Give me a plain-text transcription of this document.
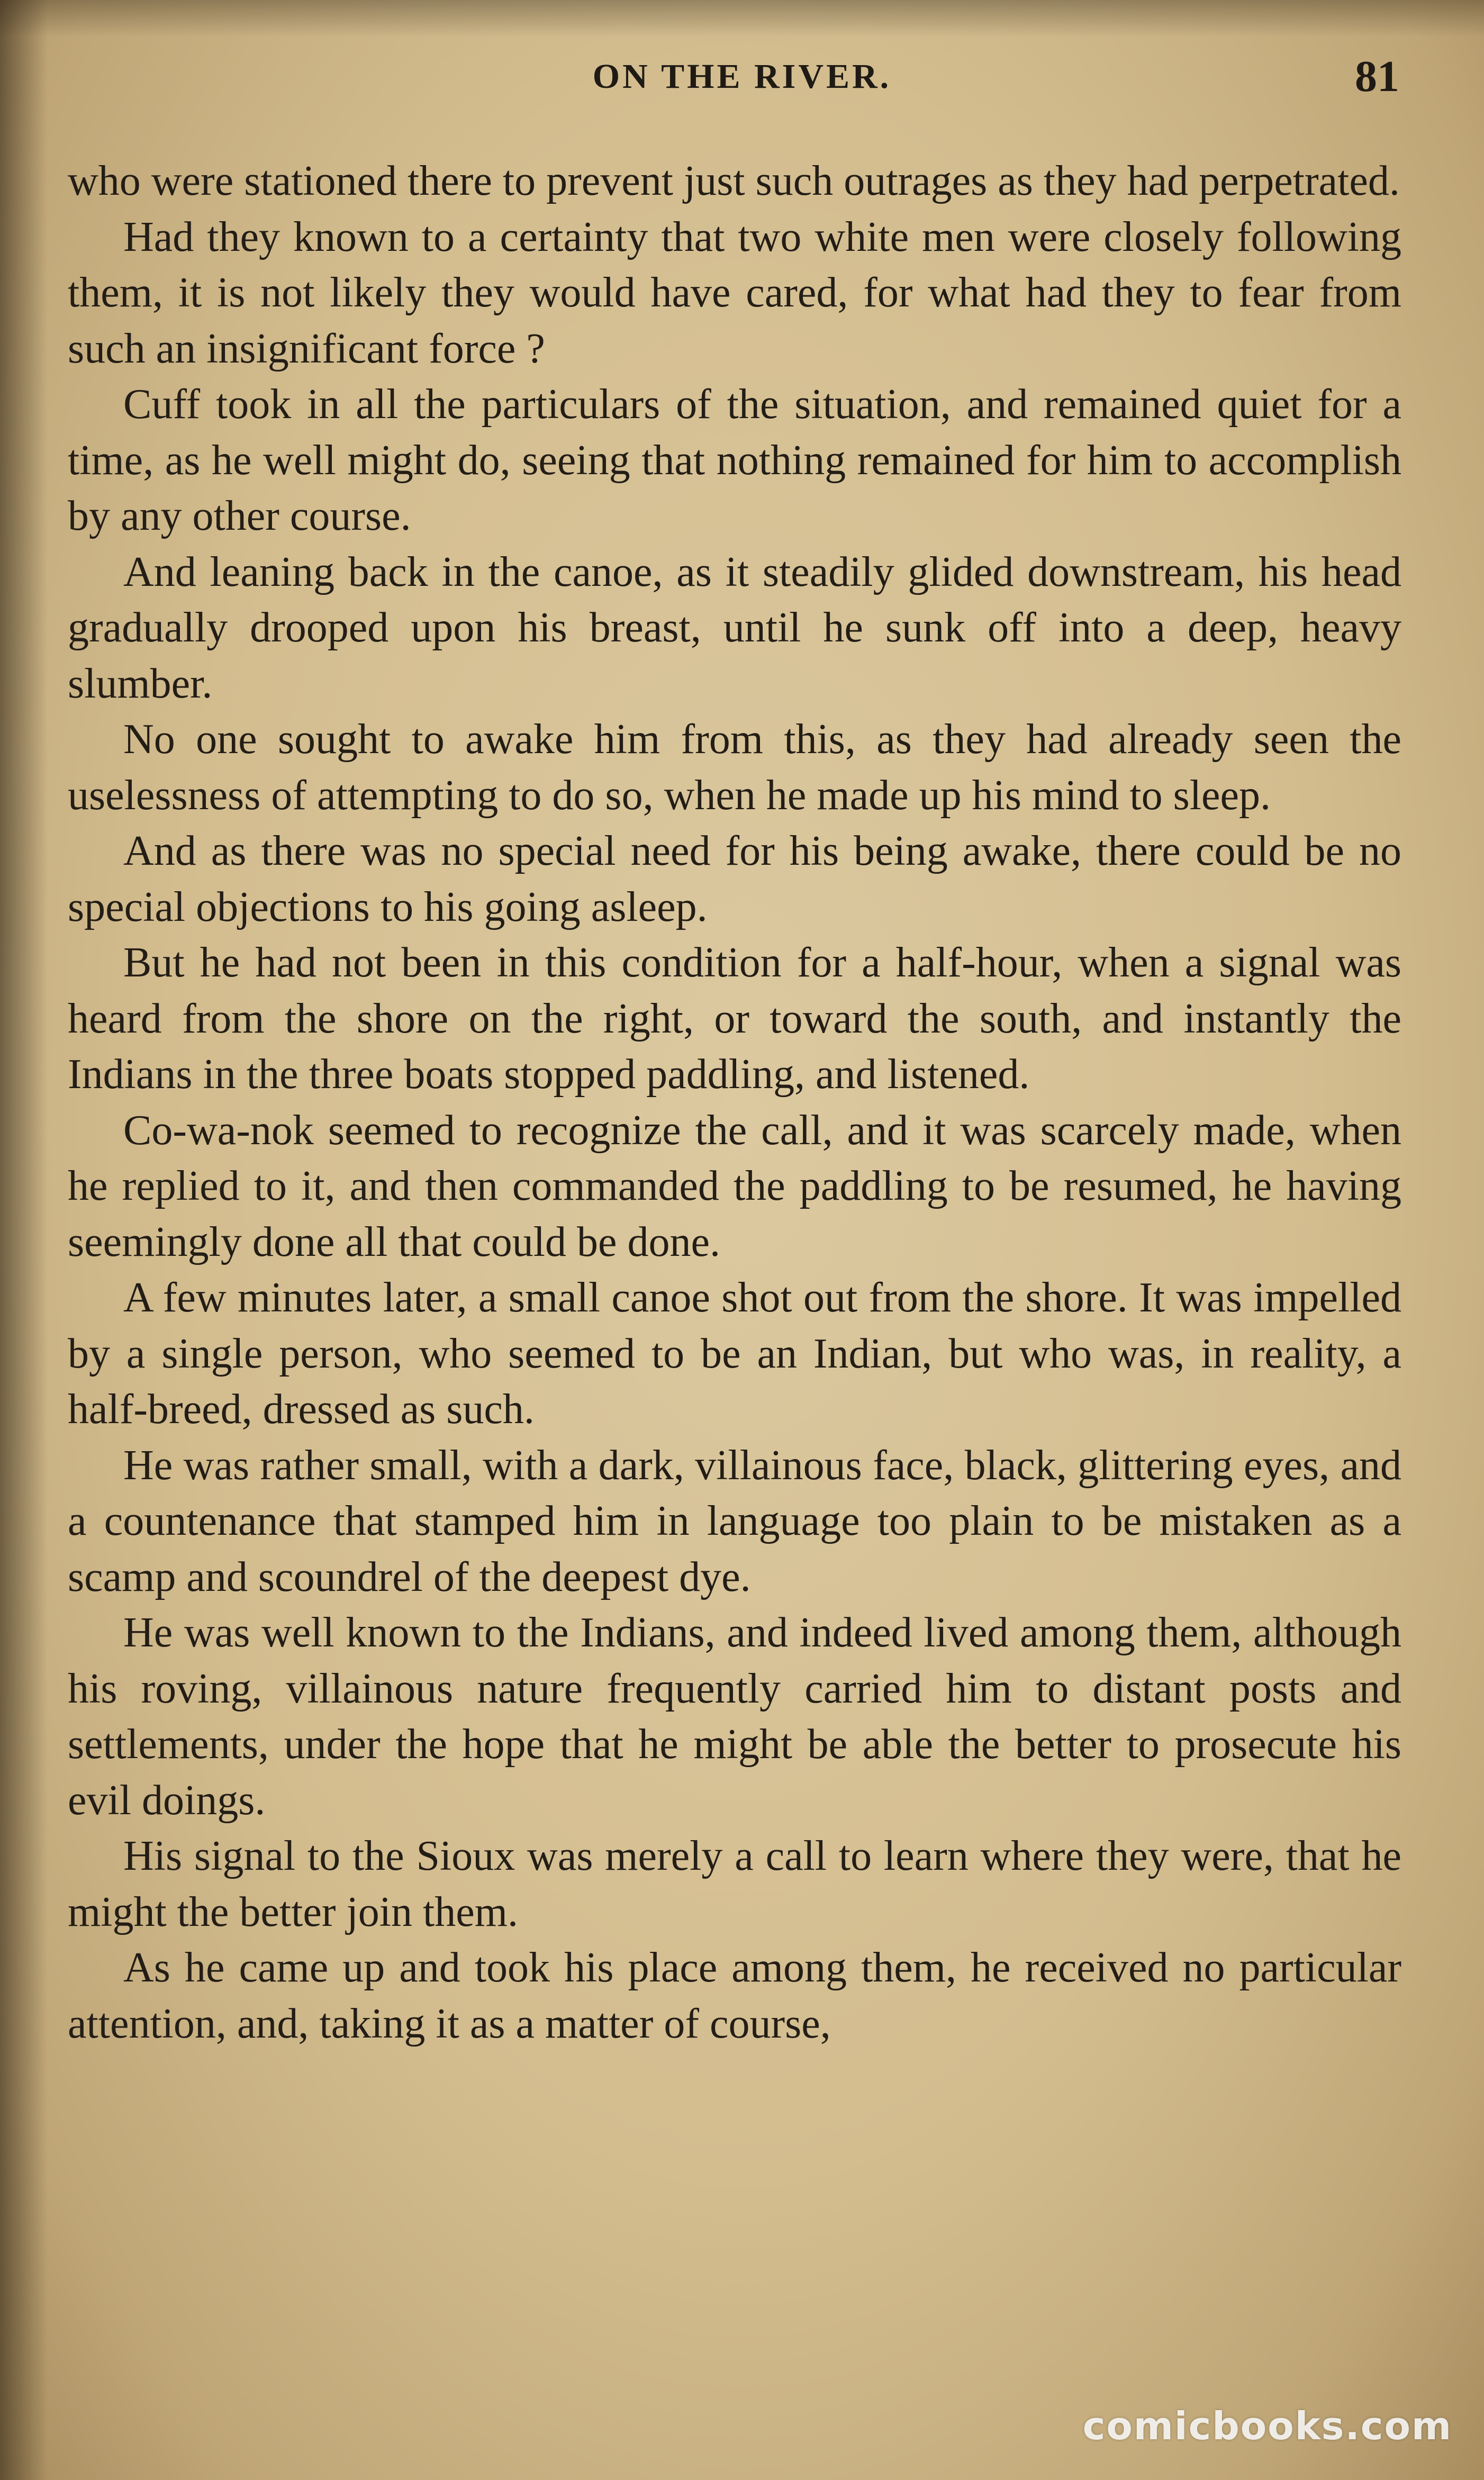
ON THE RIVER.	81

who were stationed there to prevent just such outrages as they had perpetrated.

Had they known to a certainty that two white men were closely following them, it is not likely they would have cared, for what had they to fear from such an insignificant force ?

Cuff took in all the particulars of the situation, and remained quiet for a time, as he well might do, seeing that nothing remained for him to accomplish by any other course.

And leaning back in the canoe, as it steadily glided downstream, his head gradually drooped upon his breast, until he sunk off into a deep, heavy slumber.

No one sought to awake him from this, as they had already seen the uselessness of attempting to do so, when he made up his mind to sleep.

And as there was no special need for his being awake, there could be no special objections to his going asleep.

But he had not been in this condition for a half-hour, when a signal was heard from the shore on the right, or toward the south, and instantly the Indians in the three boats stopped paddling, and listened.

Co-wa-nok seemed to recognize the call, and it was scarcely made, when he replied to it, and then commanded the paddling to be resumed, he having seemingly done all that could be done.

A few minutes later, a small canoe shot out from the shore. It was impelled by a single person, who seemed to be an Indian, but who was, in reality, a half-breed, dressed as such.

He was rather small, with a dark, villainous face, black, glittering eyes, and a countenance that stamped him in language too plain to be mistaken as a scamp and scoundrel of the deepest dye.

He was well known to the Indians, and indeed lived among them, although his roving, villainous nature frequently carried him to distant posts and settlements, under the hope that he might be able the better to prosecute his evil doings.

His signal to the Sioux was merely a call to learn where they were, that he might the better join them.

As he came up and took his place among them, he received no particular attention, and, taking it as a matter of course,

comicbooks.com
